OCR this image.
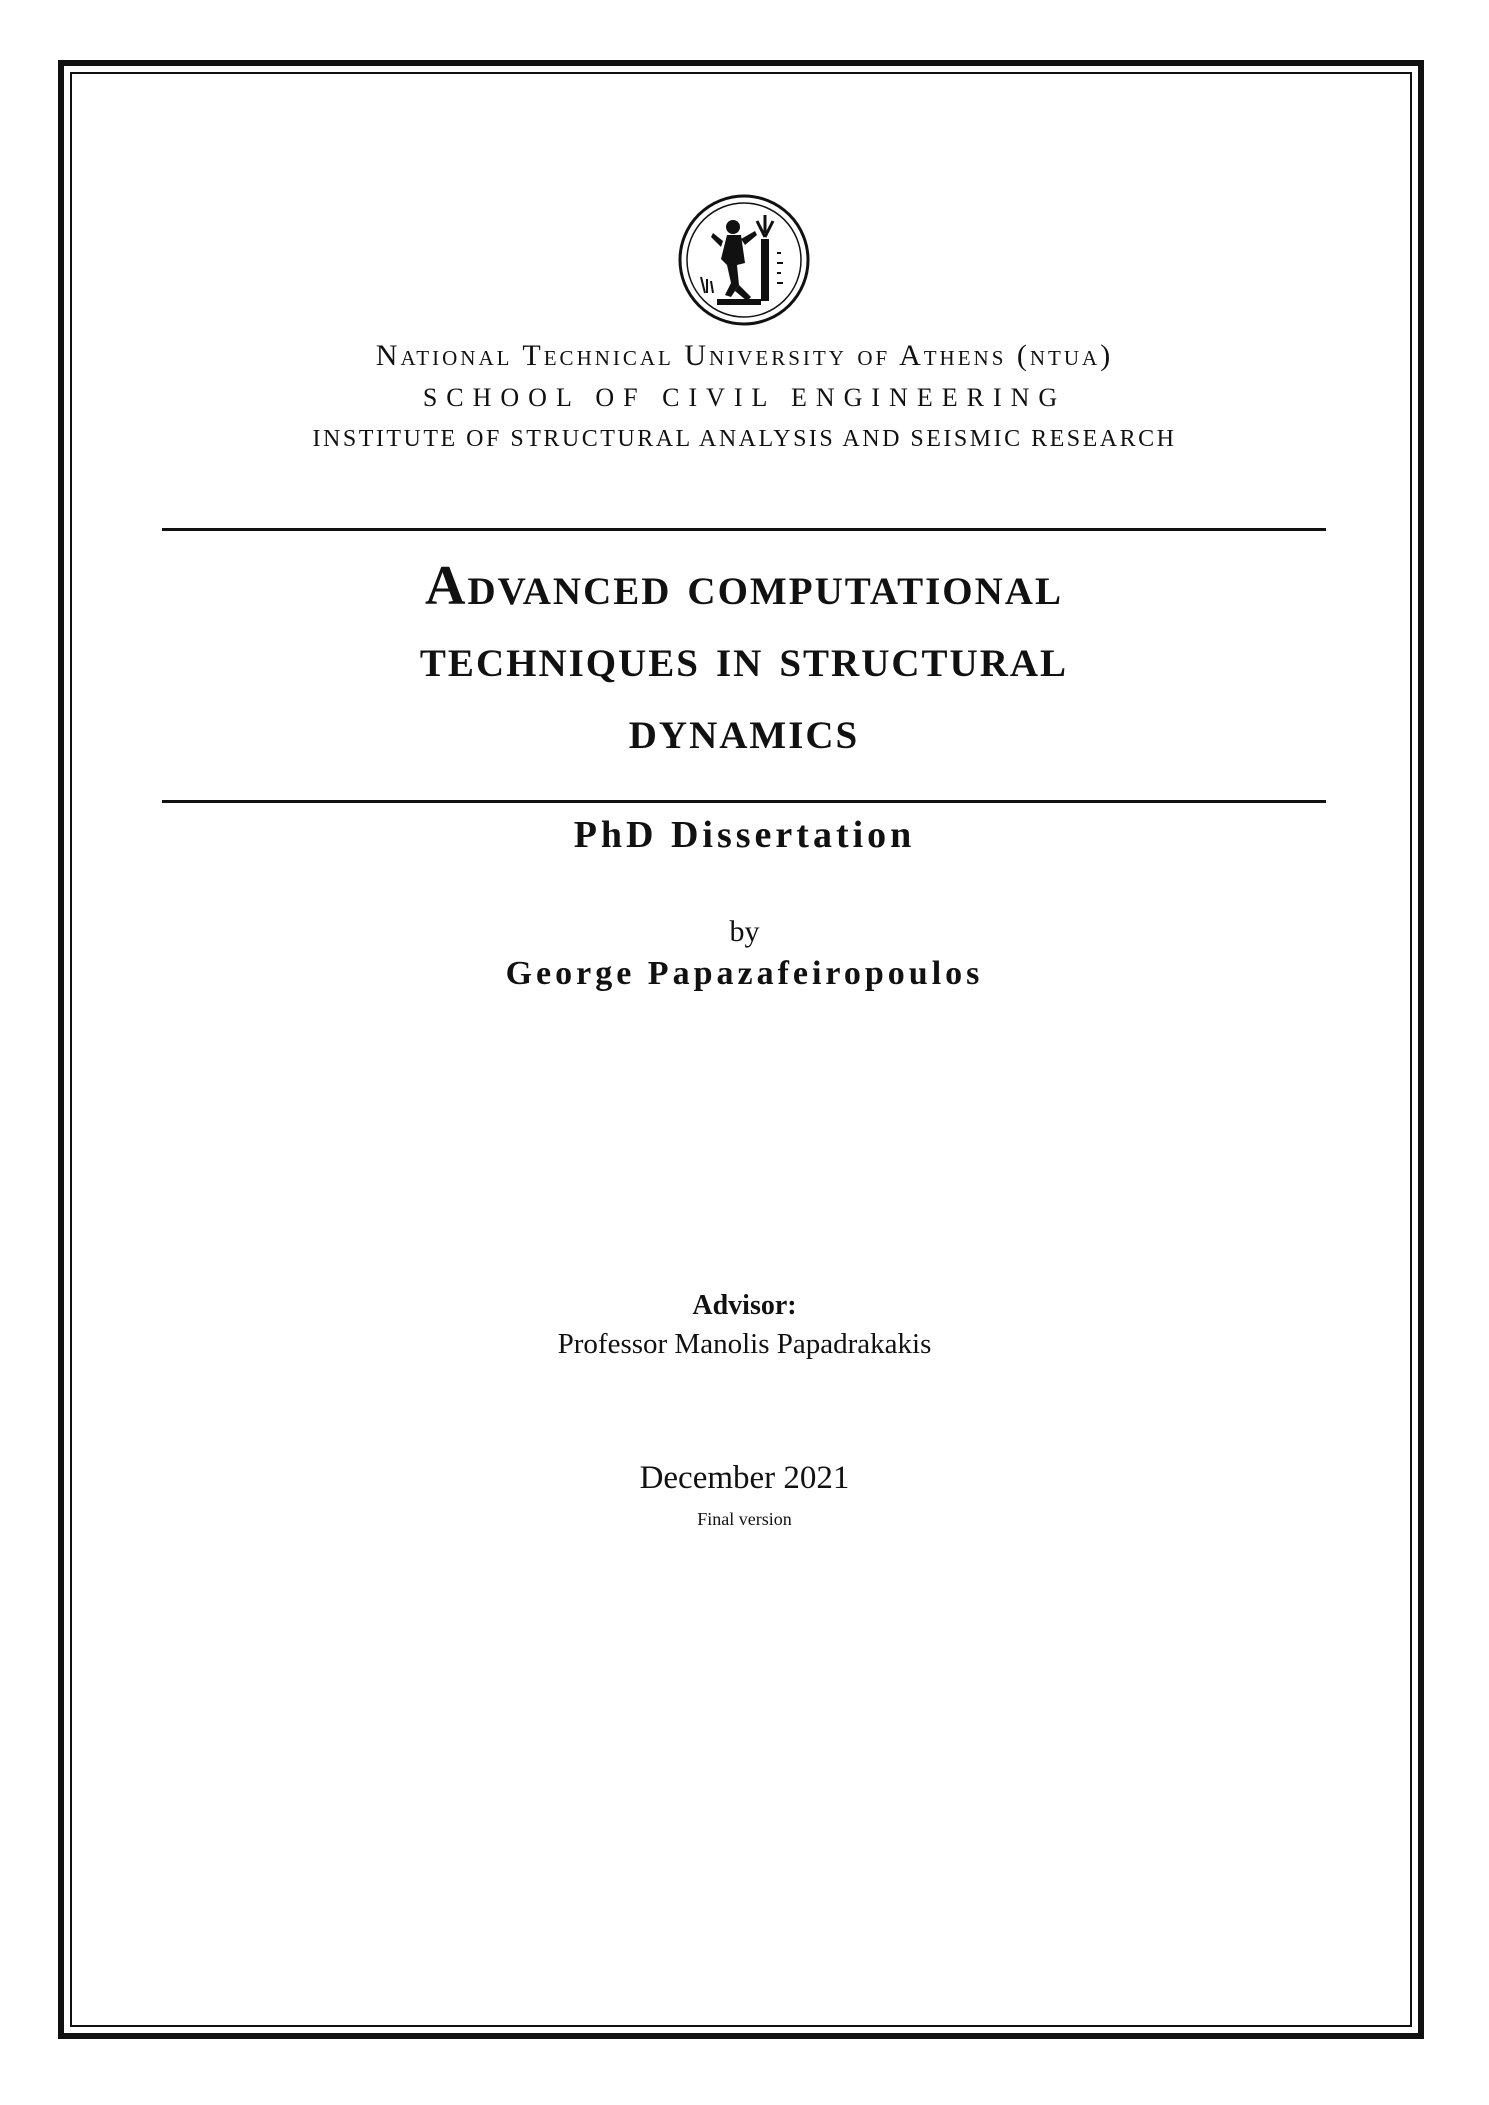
National Technical University of Athens (ntua)
SCHOOL OF CIVIL ENGINEERING
INSTITUTE OF STRUCTURAL ANALYSIS AND SEISMIC RESEARCH
Advanced computational
techniques in structural
dynamics
PhD Dissertation
by
George Papazafeiropoulos
Advisor:
Professor Manolis Papadrakakis
December 2021
Final version
